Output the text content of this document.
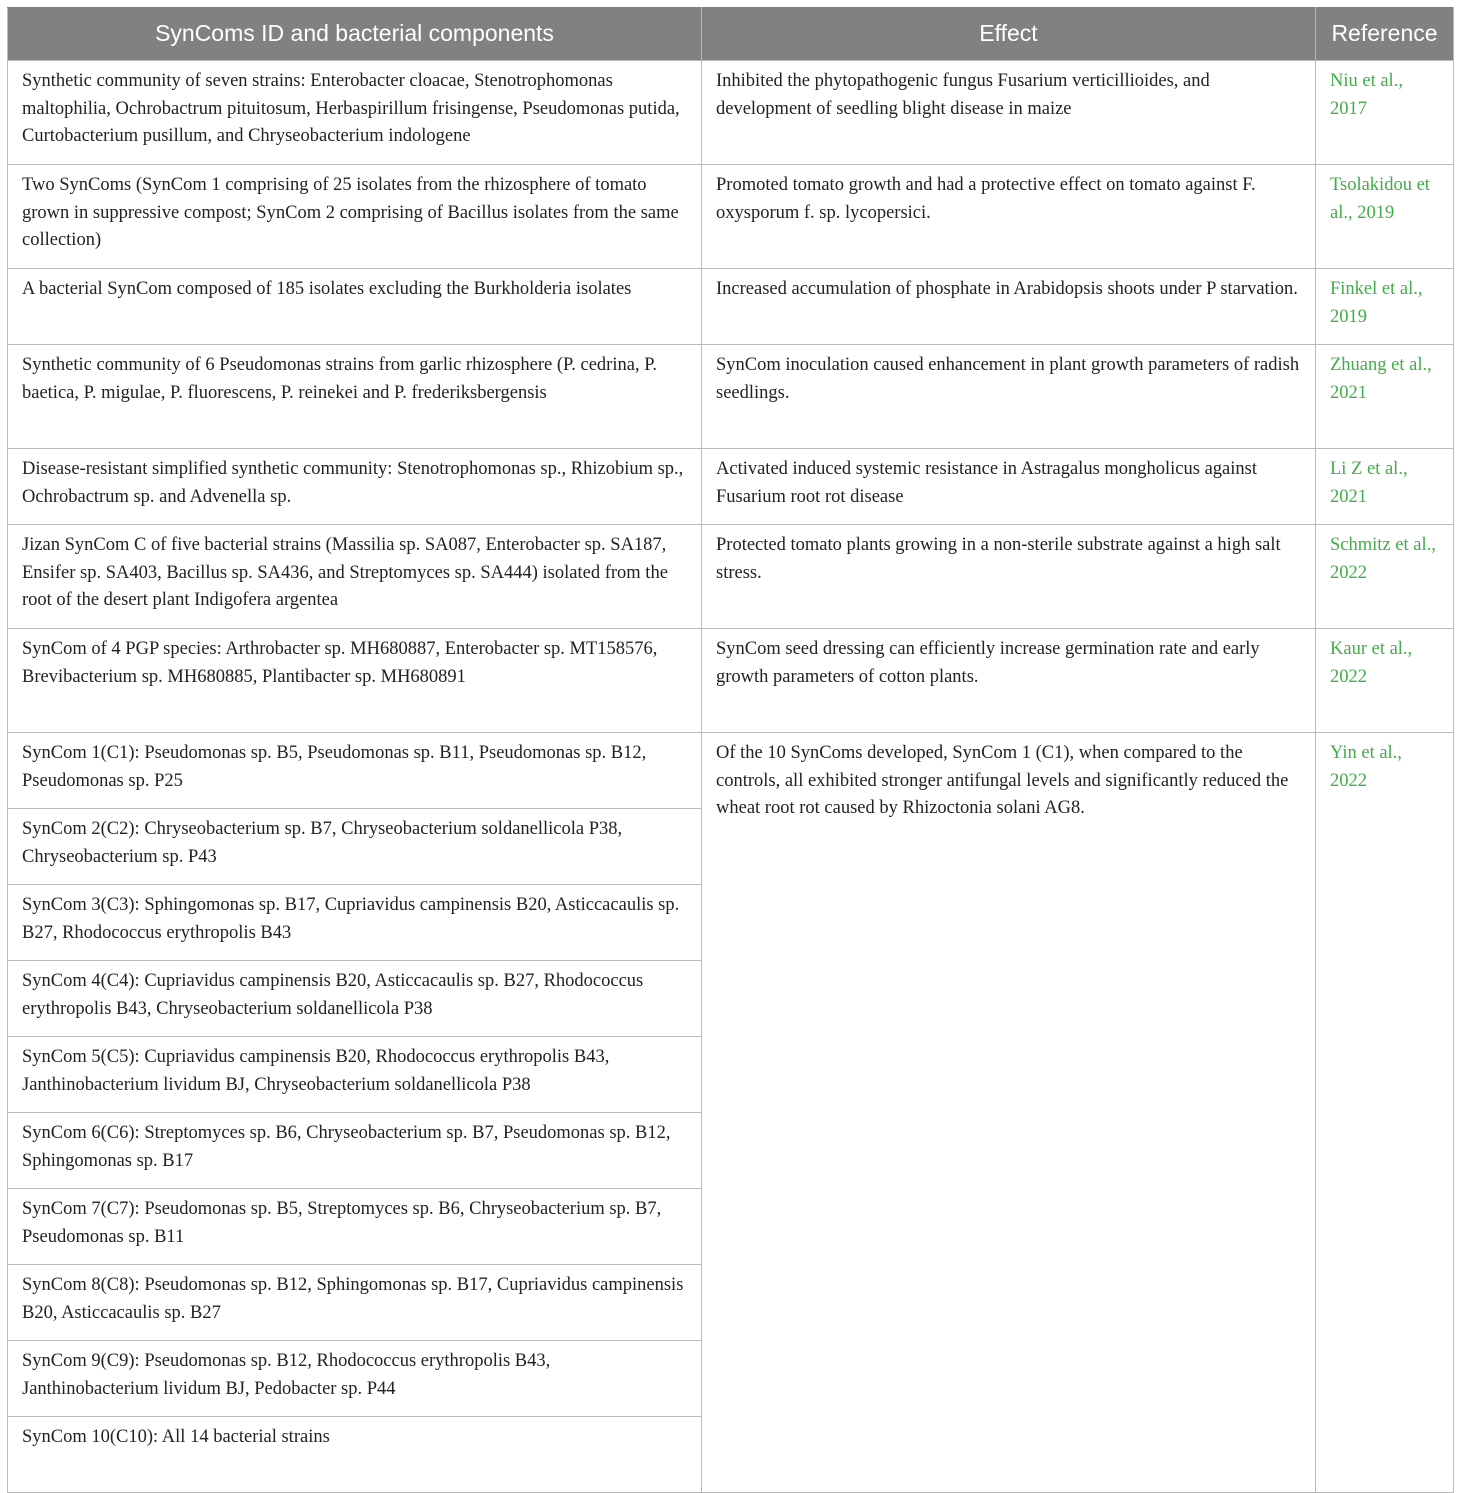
SynComs ID and bacterial components	Effect	Reference
Synthetic community of seven strains: Enterobacter cloacae, Stenotrophomonas maltophilia, Ochrobactrum pituitosum, Herbaspirillum frisingense, Pseudomonas putida, Curtobacterium pusillum, and Chryseobacterium indologene	Inhibited the phytopathogenic fungus Fusarium verticillioides, and development of seedling blight disease in maize	Niu et al., 2017
Two SynComs (SynCom 1 comprising of 25 isolates from the rhizosphere of tomato grown in suppressive compost; SynCom 2 comprising of Bacillus isolates from the same collection)	Promoted tomato growth and had a protective effect on tomato against F. oxysporum f. sp. lycopersici.	Tsolakidou et al., 2019
A bacterial SynCom composed of 185 isolates excluding the Burkholderia isolates	Increased accumulation of phosphate in Arabidopsis shoots under P starvation.	Finkel et al., 2019
Synthetic community of 6 Pseudomonas strains from garlic rhizosphere (P. cedrina, P. baetica, P. migulae, P. fluorescens, P. reinekei and P. frederiksbergensis	SynCom inoculation caused enhancement in plant growth parameters of radish seedlings.	Zhuang et al., 2021
Disease-resistant simplified synthetic community: Stenotrophomonas sp., Rhizobium sp., Ochrobactrum sp. and Advenella sp.	Activated induced systemic resistance in Astragalus mongholicus against Fusarium root rot disease	Li Z et al., 2021
Jizan SynCom C of five bacterial strains (Massilia sp. SA087, Enterobacter sp. SA187, Ensifer sp. SA403, Bacillus sp. SA436, and Streptomyces sp. SA444) isolated from the root of the desert plant Indigofera argentea	Protected tomato plants growing in a non-sterile substrate against a high salt stress.	Schmitz et al., 2022
SynCom of 4 PGP species: Arthrobacter sp. MH680887, Enterobacter sp. MT158576, Brevibacterium sp. MH680885, Plantibacter sp. MH680891	SynCom seed dressing can efficiently increase germination rate and early growth parameters of cotton plants.	Kaur et al., 2022
SynCom 1(C1): Pseudomonas sp. B5, Pseudomonas sp. B11, Pseudomonas sp. B12, Pseudomonas sp. P25	Of the 10 SynComs developed, SynCom 1 (C1), when compared to the controls, all exhibited stronger antifungal levels and significantly reduced the wheat root rot caused by Rhizoctonia solani AG8.	Yin et al., 2022
SynCom 2(C2): Chryseobacterium sp. B7, Chryseobacterium soldanellicola P38, Chryseobacterium sp. P43		
SynCom 3(C3): Sphingomonas sp. B17, Cupriavidus campinensis B20, Asticcacaulis sp. B27, Rhodococcus erythropolis B43		
SynCom 4(C4): Cupriavidus campinensis B20, Asticcacaulis sp. B27, Rhodococcus erythropolis B43, Chryseobacterium soldanellicola P38		
SynCom 5(C5): Cupriavidus campinensis B20, Rhodococcus erythropolis B43, Janthinobacterium lividum BJ, Chryseobacterium soldanellicola P38		
SynCom 6(C6): Streptomyces sp. B6, Chryseobacterium sp. B7, Pseudomonas sp. B12, Sphingomonas sp. B17		
SynCom 7(C7): Pseudomonas sp. B5, Streptomyces sp. B6, Chryseobacterium sp. B7, Pseudomonas sp. B11		
SynCom 8(C8): Pseudomonas sp. B12, Sphingomonas sp. B17, Cupriavidus campinensis B20, Asticcacaulis sp. B27		
SynCom 9(C9): Pseudomonas sp. B12, Rhodococcus erythropolis B43, Janthinobacterium lividum BJ, Pedobacter sp. P44		
SynCom 10(C10): All 14 bacterial strains		
